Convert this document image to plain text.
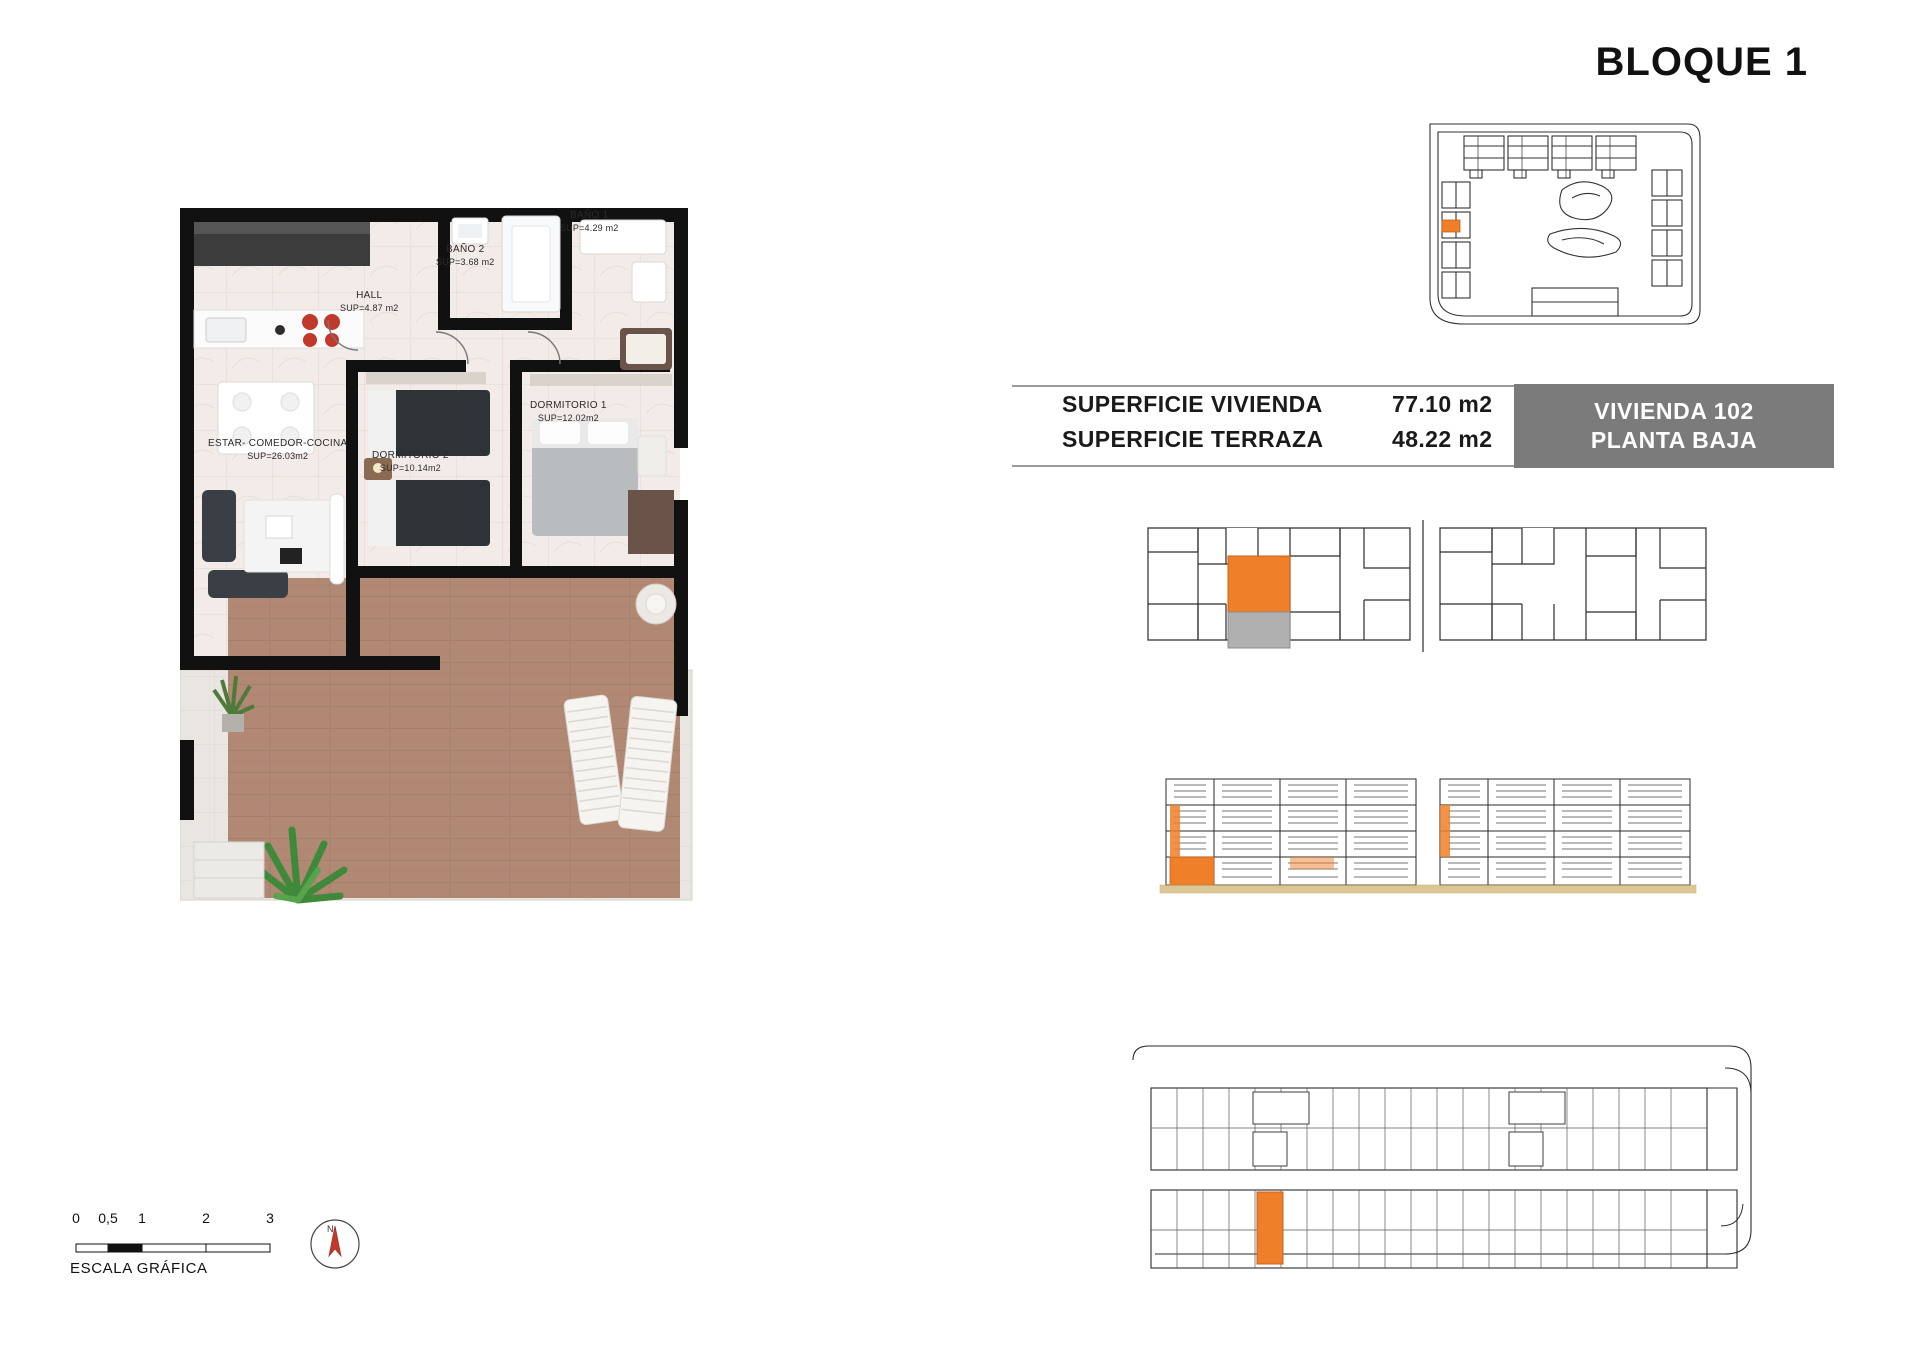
BLOQUE 1
SUPERFICIE VIVIENDA	77.10 m2
SUPERFICIE TERRAZA	48.22 m2
VIVIENDA 102
PLANTA BAJA
BAÑO 1
SUP=4.29 m2
BAÑO 2
SUP=3.68 m2
HALL
SUP=4.87 m2
DORMITORIO 1
SUP=12.02m2
DORMITORIO 2
SUP=10.14m2
ESTAR- COMEDOR-COCINA
SUP=26.03m2
0 0,5 1	2	3
ESCALA GRÁFICA
N
